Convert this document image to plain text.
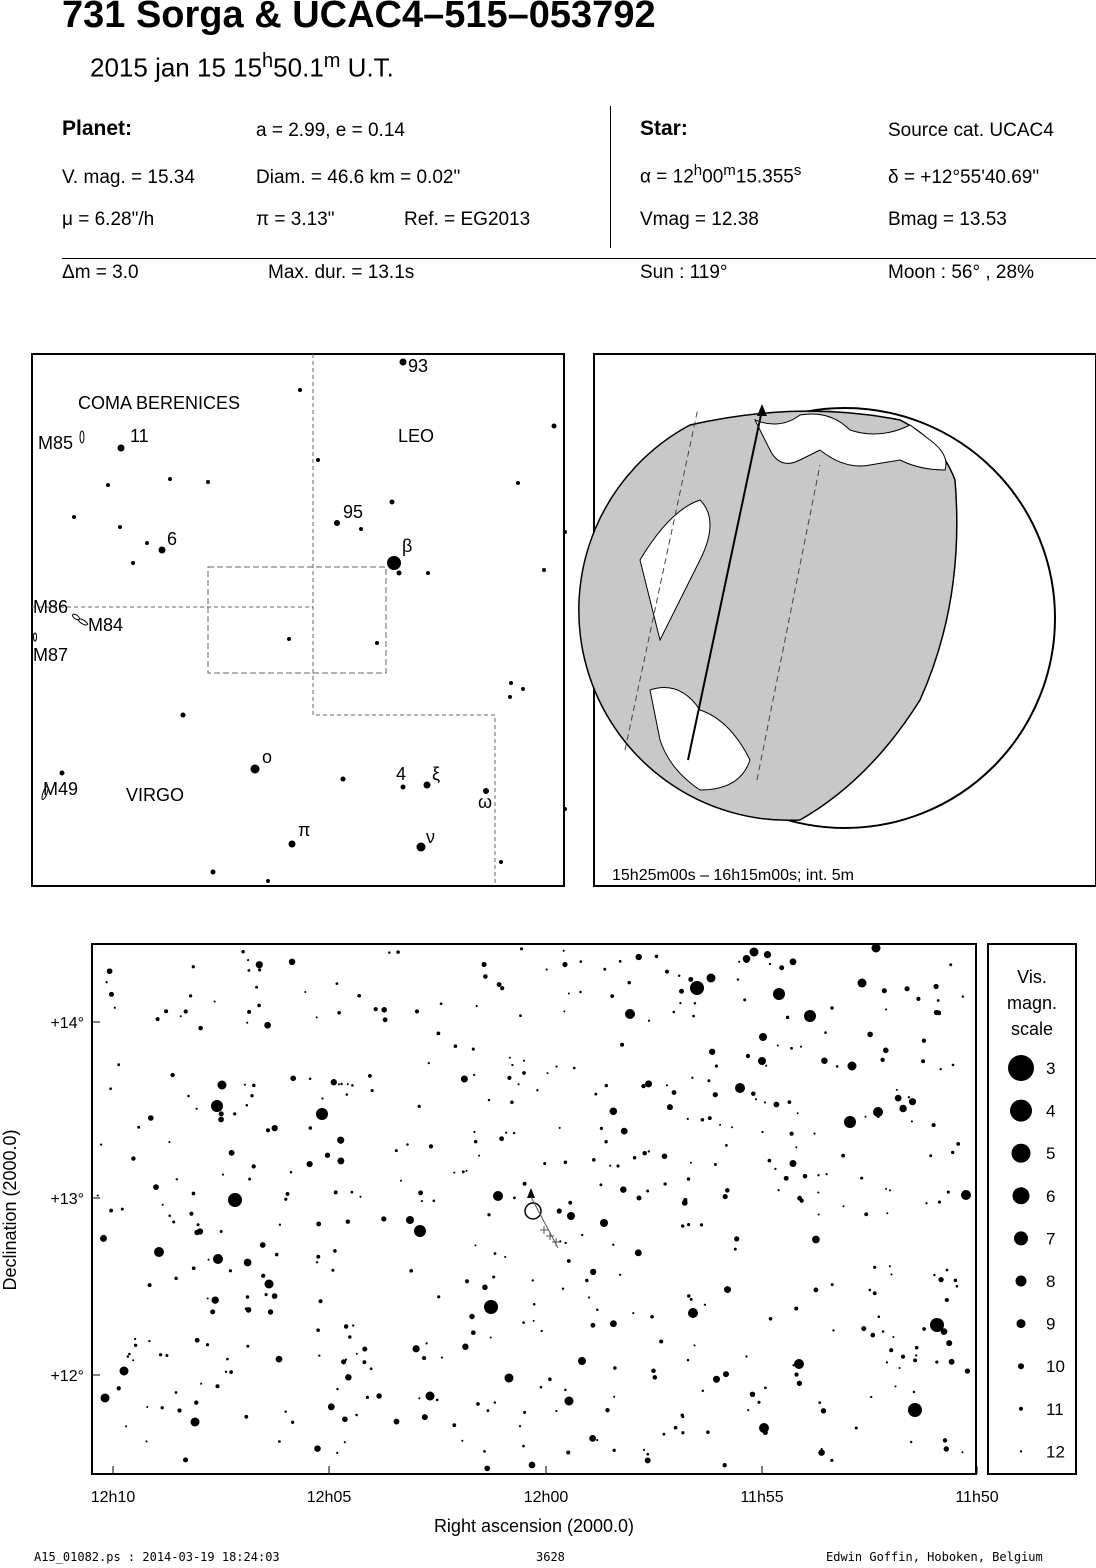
731 Sorga & UCAC4–515–053792
2015 jan 15 15$^h$50.1$^m$ U.T.
Planet:	a = 2.99, e = 0.14
V. mag. = 15.34	Diam. = 46.6 km = 0.02"
μ = 6.28"/h	π = 3.13"	Ref. = EG2013
Star:	Source cat. UCAC4
$\alpha = 12^h00^m15.355^s$	δ = +12°55'40.69"
Vmag = 12.38	Bmag = 13.53
Δm = 3.0	Max. dur. = 13.1s	Sun : 119°	Moon : 56° , 28%
COMA BERENICES
LEO
VIRGO
93
11
M85
95
6	β
M86
M84
M87
ο
4 ξ
M49
ω
π	ν
15h25m00s – 16h15m00s; int. 5m
12h10	12h05	12h00	11h55	11h50
+14°
+13°
+12°
Right ascension (2000.0)
Declination (2000.0)
Vis.
magn.
scale
3
4
5
6
7
8
9
10
11
12
A15_01082.ps : 2014-03-19 18:24:03	3628	Edwin Goffin, Hoboken, Belgium
